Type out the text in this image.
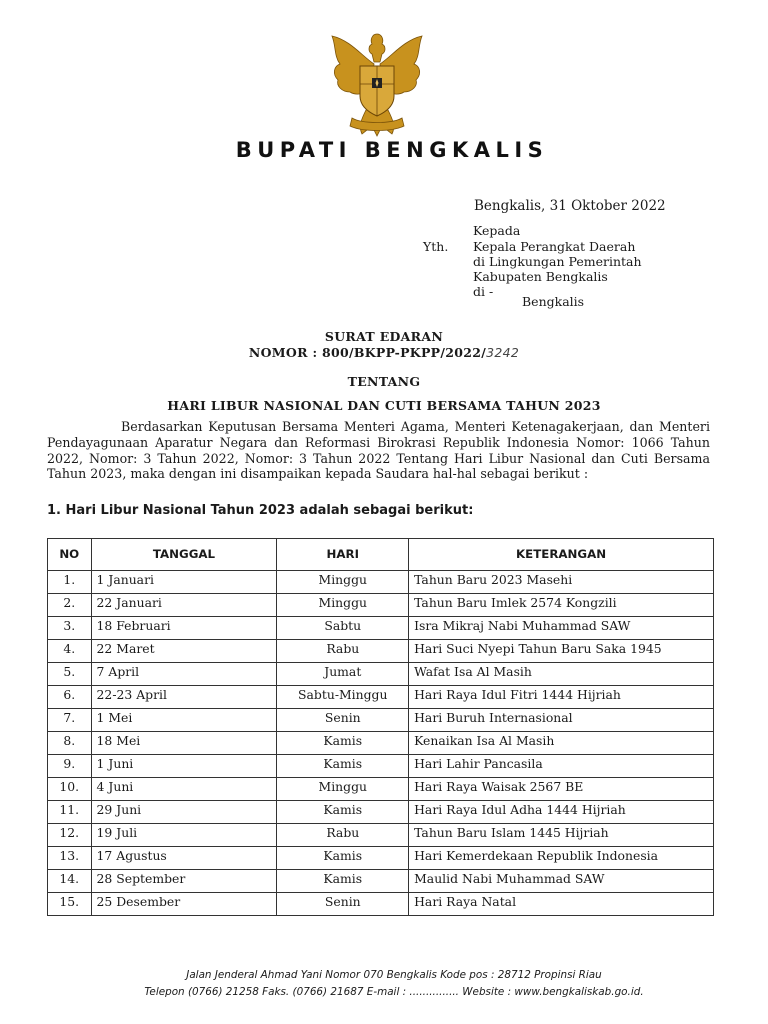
BUPATI BENGKALIS
Bengkalis, 31 Oktober 2022
Kepada
Yth. Kepala Perangkat Daerah
di Lingkungan Pemerintah
Kabupaten Bengkalis
di -
Bengkalis
SURAT EDARAN
NOMOR : 800/BKPP-PKPP/2022/3242
TENTANG
HARI LIBUR NASIONAL DAN CUTI BERSAMA TAHUN 2023
Berdasarkan Keputusan Bersama Menteri Agama, Menteri Ketenagakerjaan, dan Menteri Pendayagunaan Aparatur Negara dan Reformasi Birokrasi Republik Indonesia Nomor: 1066 Tahun 2022, Nomor: 3 Tahun 2022, Nomor: 3 Tahun 2022 Tentang Hari Libur Nasional dan Cuti Bersama Tahun 2023, maka dengan ini disampaikan kepada Saudara hal-hal sebagai berikut :
1. Hari Libur Nasional Tahun 2023 adalah sebagai berikut:
NO	TANGGAL	HARI	KETERANGAN
1.	1 Januari	Minggu	Tahun Baru 2023 Masehi
2.	22 Januari	Minggu	Tahun Baru Imlek 2574 Kongzili
3.	18 Februari	Sabtu	Isra Mikraj Nabi Muhammad SAW
4.	22 Maret	Rabu	Hari Suci Nyepi Tahun Baru Saka 1945
5.	7 April	Jumat	Wafat Isa Al Masih
6.	22-23 April	Sabtu-Minggu	Hari Raya Idul Fitri 1444 Hijriah
7.	1 Mei	Senin	Hari Buruh Internasional
8.	18 Mei	Kamis	Kenaikan Isa Al Masih
9.	1 Juni	Kamis	Hari Lahir Pancasila
10.	4 Juni	Minggu	Hari Raya Waisak 2567 BE
11.	29 Juni	Kamis	Hari Raya Idul Adha 1444 Hijriah
12.	19 Juli	Rabu	Tahun Baru Islam 1445 Hijriah
13.	17 Agustus	Kamis	Hari Kemerdekaan Republik Indonesia
14.	28 September	Kamis	Maulid Nabi Muhammad SAW
15.	25 Desember	Senin	Hari Raya Natal
Jalan Jenderal Ahmad Yani Nomor 070 Bengkalis Kode pos : 28712 Propinsi Riau
Telepon (0766) 21258 Faks. (0766) 21687 E-mail : ............... Website : www.bengkaliskab.go.id.
